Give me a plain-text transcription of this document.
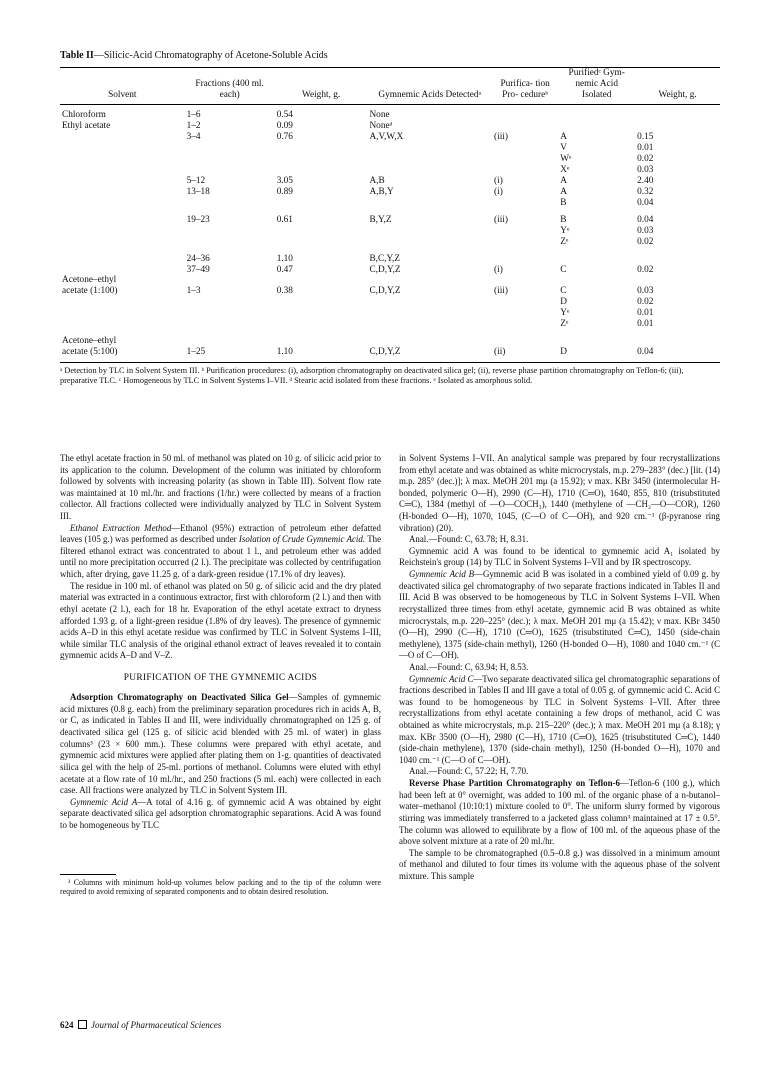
Table II—Silicic-Acid Chromatography of Acetone-Soluble Acids
Solvent	Fractions (400 ml. each)	Weight, g.	Gymnemic Acids Detectedᵃ	Purifica- tion Pro- cedureᵇ	Purifiedᶜ Gym- nemic Acid Isolated	Weight, g.
Chloroform	1–6	0.54	None			
Ethyl acetate	1–2	0.09	Noneᵈ			
	3–4	0.76	A,V,W,X	(iii)	A	0.15
					V	0.01
					Wᵉ	0.02
					Xᵉ	0.03
	5–12	3.05	A,B	(i)	A	2.40
	13–18	0.89	A,B,Y	(i)	A	0.32
					B	0.04
	19–23	0.61	B,Y,Z	(iii)	B	0.04
					Yᵉ	0.03
					Zᵉ	0.02
	24–36	1.10	B,C,Y,Z			
	37–49	0.47	C,D,Y,Z	(i)	C	0.02
Acetone–ethyl						
acetate (1:100)	1–3	0.38	C,D,Y,Z	(iii)	C	0.03
					D	0.02
					Yᵉ	0.01
					Zᵉ	0.01
Acetone–ethyl						
acetate (5:100)	1–25	1.10	C,D,Y,Z	(ii)	D	0.04
ᵃ Detection by TLC in Solvent System III. ᵇ Purification procedures: (i), adsorption chromatography on deactivated silica gel; (ii), reverse phase partition chromatography on Teflon-6; (iii), preparative TLC. ᶜ Homogeneous by TLC in Solvent Systems I–VII. ᵈ Stearic acid isolated from these fractions. ᵉ Isolated as amorphous solid.

The ethyl acetate fraction in 50 ml. of methanol was plated on 10 g. of silicic acid prior to its application to the column. Development of the column was initiated by chloroform followed by solvents with increasing polarity (as shown in Table III). Solvent flow rate was maintained at 10 ml./hr. and fractions (1/hr.) were collected by means of a fraction collector. All fractions collected were individually analyzed by TLC in Solvent System III.

Ethanol Extraction Method—Ethanol (95%) extraction of petroleum ether defatted leaves (105 g.) was performed as described under Isolation of Crude Gymnemic Acid. The filtered ethanol extract was concentrated to about 1 l., and petroleum ether was added until no more precipitation occurred (2 l.). The precipitate was collected by centrifugation which, after drying, gave 11.25 g. of a dark-green residue (17.1% of dry leaves).

The residue in 100 ml. of ethanol was plated on 50 g. of silicic acid and the dry plated material was extracted in a continuous extractor, first with chloroform (2 l.) and then with ethyl acetate (2 l.), each for 18 hr. Evaporation of the ethyl acetate extract to dryness afforded 1.93 g. of a light-green residue (1.8% of dry leaves). The presence of gymnemic acids A–D in this ethyl acetate residue was confirmed by TLC in Solvent Systems I–III, while similar TLC analysis of the original ethanol extract of leaves revealed it to contain gymnemic acids A–D and V–Z.

PURIFICATION OF THE GYMNEMIC ACIDS

Adsorption Chromatography on Deactivated Silica Gel—Samples of gymnemic acid mixtures (0.8 g. each) from the preliminary separation procedures rich in acids A, B, or C, as indicated in Tables II and III, were individually chromatographed on 125 g. of deactivated silica gel (125 g. of silicic acid blended with 25 ml. of water) in glass columns³ (23 × 600 mm.). These columns were prepared with ethyl acetate, and gymnemic acid mixtures were applied after plating them on 1-g. quantities of deactivated silica gel with the help of 25-ml. portions of methanol. Columns were eluted with ethyl acetate at a flow rate of 10 ml./hr., and 250 fractions (5 ml. each) were collected in each case. All fractions were analyzed by TLC in Solvent System III.

Gymnemic Acid A—A total of 4.16 g. of gymnemic acid A was obtained by eight separate deactivated silica gel adsorption chromatographic separations. Acid A was found to be homogeneous by TLC

³ Columns with minimum hold-up volumes below packing and to the tip of the column were required to avoid remixing of separated components and to obtain desired resolution.

in Solvent Systems I–VII. An analytical sample was prepared by four recrystallizations from ethyl acetate and was obtained as white microcrystals, m.p. 279–283° (dec.) [lit. (14) m.p. 285° (dec.)]; λ max. MeOH 201 mμ (a 15.92); ν max. KBr 3450 (intermolecular H-bonded, polymeric O—H), 2990 (C—H), 1710 (C═O), 1640, 855, 810 (trisubstituted C═C), 1384 (methyl of —O—COCH₃), 1440 (methylene of —CH₂—O—COR), 1260 (H-bonded O—H), 1070, 1045, (C—O of C—OH), and 920 cm.⁻¹ (β-pyranose ring vibration) (20).

Anal.—Found: C, 63.78; H, 8.31.

Gymnemic acid A was found to be identical to gymnemic acid A₁ isolated by Reichstein's group (14) by TLC in Solvent Systems I–VII and by IR spectroscopy.

Gymnemic Acid B—Gymnemic acid B was isolated in a combined yield of 0.09 g. by deactivated silica gel chromatography of two separate fractions indicated in Tables II and III. Acid B was observed to be homogeneous by TLC in Solvent Systems I–VII. When recrystallized three times from ethyl acetate, gymnemic acid B was obtained as white microcrystals, m.p. 220–225° (dec.); λ max. MeOH 201 mμ (a 15.42); ν max. KBr 3450 (O—H), 2990 (C—H), 1710 (C═O), 1625 (trisubstituted C═C), 1450 (side-chain methylene), 1375 (side-chain methyl), 1260 (H-bonded O—H), 1080 and 1040 cm.⁻¹ (C—O of C—OH).

Anal.—Found: C, 63.94; H, 8.53.

Gymnemic Acid C—Two separate deactivated silica gel chromatographic separations of fractions described in Tables II and III gave a total of 0.05 g. of gymnemic acid C. Acid C was found to be homogeneous by TLC in Solvent Systems I–VII. After three recrystallizations from ethyl acetate containing a few drops of methanol, acid C was obtained as white microcrystals, m.p. 215–220° (dec.); λ max. MeOH 201 mμ (a 8.18); γ max. KBr 3500 (O—H), 2980 (C—H), 1710 (C═O), 1625 (trisubstituted C═C), 1440 (side-chain methylene), 1370 (side-chain methyl), 1250 (H-bonded O—H), 1070 and 1040 cm.⁻¹ (C—O of C—OH).

Anal.—Found: C, 57.22; H, 7.70.

Reverse Phase Partition Chromatography on Teflon-6—Teflon-6 (100 g.), which had been left at 0° overnight, was added to 100 ml. of the organic phase of a n-butanol–water–methanol (10:10:1) mixture cooled to 0°. The uniform slurry formed by vigorous stirring was immediately transferred to a jacketed glass column³ maintained at 17 ± 0.5°. The column was allowed to equilibrate by a flow of 100 ml. of the aqueous phase of the above solvent mixture at a rate of 20 ml./hr.

The sample to be chromatographed (0.5–0.8 g.) was dissolved in a minimum amount of methanol and diluted to four times its volume with the aqueous phase of the solvent mixture. This sample

624 Journal of Pharmaceutical Sciences
